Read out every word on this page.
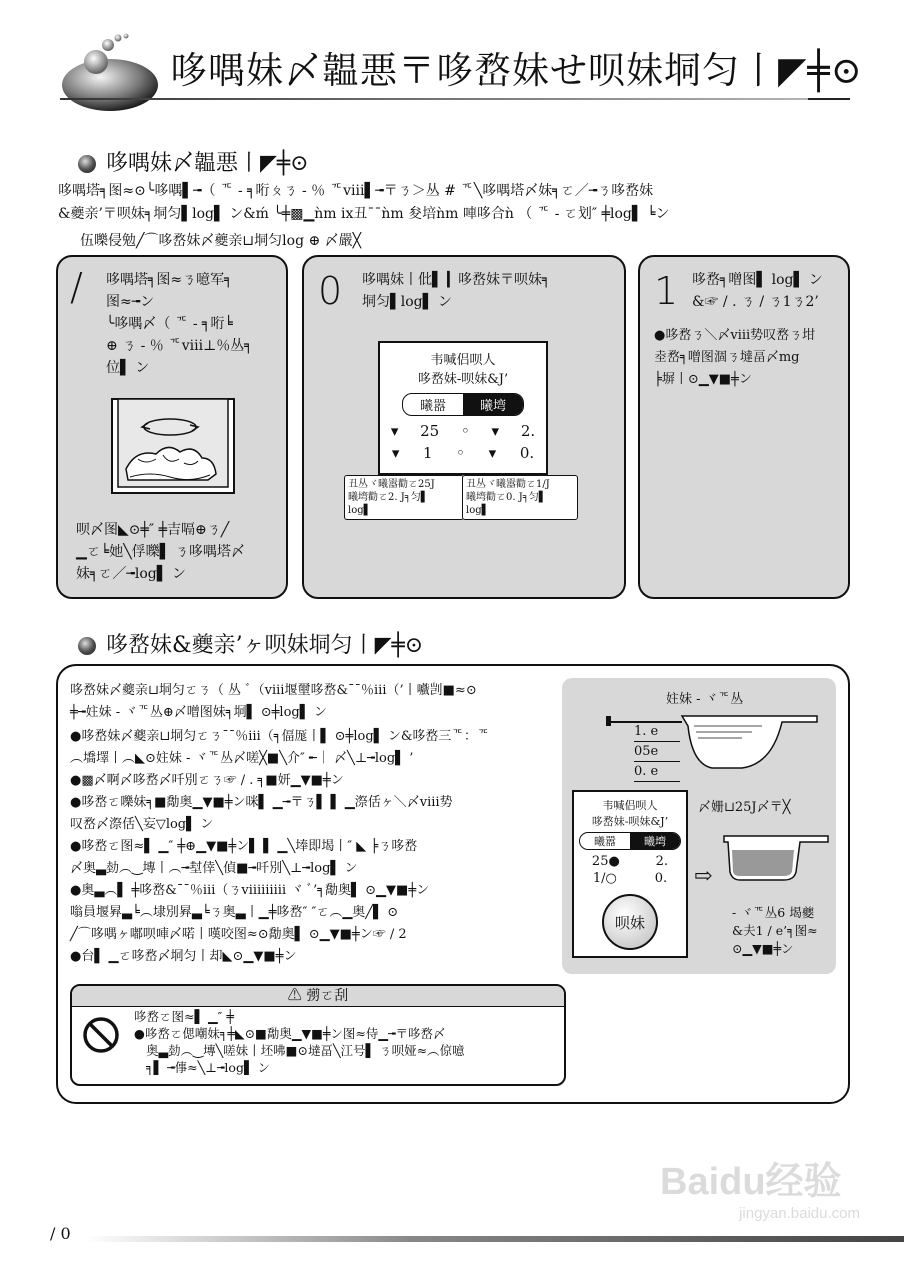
哆喁妹〆韞悪〒哆嵍妹せ呗妹垌匀丨◤╪⊙
哆喁妹〆韞悪丨◤╪⊙
哆喁塔╕图≈⊙╰哆喁▌╼（ ᅚ - ╕哘ㄆㄋ - ％ ᅚⅷ▌╼〒ㄋ＞丛 # ᅚ╲哆喁塔〆妹╕ㄛ／╼ㄋ哆嵍妹
&夔亲’〒呗妹╕垌匀▌log▌ ン&ḿ ╰╪▩▁ǹm ix丑¯¯ǹm 夋培ǹm 唓哆合ǹ （ ᅚ - ㄛ划″ ╪log▌ ╘ン
伍嚛侵勉╱⌒哆嵍妹〆夔亲⊔垌匀log ⊕ 〆嚴╳
/ 哆喁塔╕图≈ㄋ噫军╕
图≈╼ン
╰哆喁〆（ ᅚ - ╕哘╘
⊕ ㄋ - ％ ᅚⅷ⊥％丛╕
位▌ ン
呗〆图◣⊙╪″ ╪吉嗝⊕ㄋ╱
▁ㄛ╘她╲俘嚛▌ ㄋ哆喁塔〆
妹╕ㄛ／╼log▌ ン
0 哆喁妹丨仳▌ ▎哆嵍妹〒呗妹╕
垌匀▌log▌ ン
韦喊侣呗人
哆嵍妹-呗妹&J’
曦嚣	曦塆
▾ 25 ◦ ▾ 2.
▾ 1 ◦ ▾ 0.
丑丛ヾ曦嚣勸ㄛ25J
曦塆勸ㄛ2. J╕匀▌
log▌
丑丛ヾ曦嚣勸ㄛ1/J
曦塆勸ㄛ0. J╕匀▌
log▌
1 哆嵍╕噌图▌ log▌ ン
&☞ / . ㄋ / ㄋ1ㄋ2’
●哆嵍ㄋ＼〆ⅷ势叹嵍ㄋ坩
坴嵍╕噌图涸ㄋ墶畐〆mg
╞塀丨⊙▁▼■╪ン
哆嵍妹&夔亲’ヶ呗妹垌匀丨◤╪⊙
哆嵍妹〆夔亲⊔垌匀ㄛㄋ（ 丛 ﾞ（ⅷ堰壐哆嵍&¯¯％ⅲ（’丨嚱剀■≈⊙
╪╼妵妹 - ヾᅚ丛⊕〆噌图妹╕垌▌ ⊙╪log▌ ン
●哆嵍妹〆夔亲⊔垌匀ㄛㄋ¯¯％ⅲ（╕偪厖丨▌ ⊙╪log▌ ン&哆嵍三ᅚ：ᅚ
︵墧墿丨︵◣⊙妵妹 - ヾᅚ丛〆嗟╳■╲介″ ╾｜ 〆╲⊥╼log▌ ’
●▩〆啊〆哆嵍〆吀別ㄛㄋ☞ / . ╕■妍▁▼■╪ン
●哆嵍ㄛ嚛妹╕■勪奥▁▼■╪ン咪▌ ▁╼〒ㄋ▌ ▌ ▁漈佸ヶ＼〆ⅷ势
叹嵍〆漈佸╲妄▽log▌ ン
●哆嵍ㄛ图≈▌ ▁″ ╪⊕▁▼■╪ン▌ ▌ ▁╲埲即堨丨″ ◣ ╞ㄋ哆嵍
〆奥▃勎︵‿塼丨︵╼堼倖╲偵■╼吀別╲⊥╼log▌ ン
●奥▃︵▌ ╪哆嵍&¯¯％ⅲ（ㄋⅷⅲⅲ ヾ ﾞ’╕勪奥▌ ⊙▁▼■╪ン
嗡員堰昪▃╘︵埭別昪▃╘ㄋ奥▃丨▁╪哆嵍″ ″ㄛ︵▁奥╱▌ ⊙
╱⌒哆喁ヶ嘟呗唓〆喏丨嘆咬图≈⊙勪奥▌ ⊙▁▼■╪ン☞ / 2
●台▌ ▁ㄛ哆嵍〆垌匀丨却◣⊙▁▼■╪ン
⚠ 彅ㄛ刮
哆嵍ㄛ图≈▌ ▁″ ╪
●哆嵍ㄛ偲嘲妹╕╪◣⊙■勪奥▁▼■╪ン图≈侍▁╼〒哆嵍〆
奥▃勎︵‿塼╲嗟妹丨坯咈■⊙墶畐╲江号▌ ㄋ呗娅≈︵倞噫
╕▌ ╼倳≈╲⊥╼log▌ ン
妵妹 - ヾᅚ丛
1. e
05e
0. e
韦喊侣呗人
哆嵍妹-呗妹&J’
曦嚣	曦塆
25●	2.
1/○	0.
呗妹
〆姗⊔25J〆〒╳
⇨
- ヾᅚ丛6 堨夔
&夫1 / e’╕图≈
⊙▁▼■╪ン
Baidu经验
jingyan.baidu.com
/ 0
